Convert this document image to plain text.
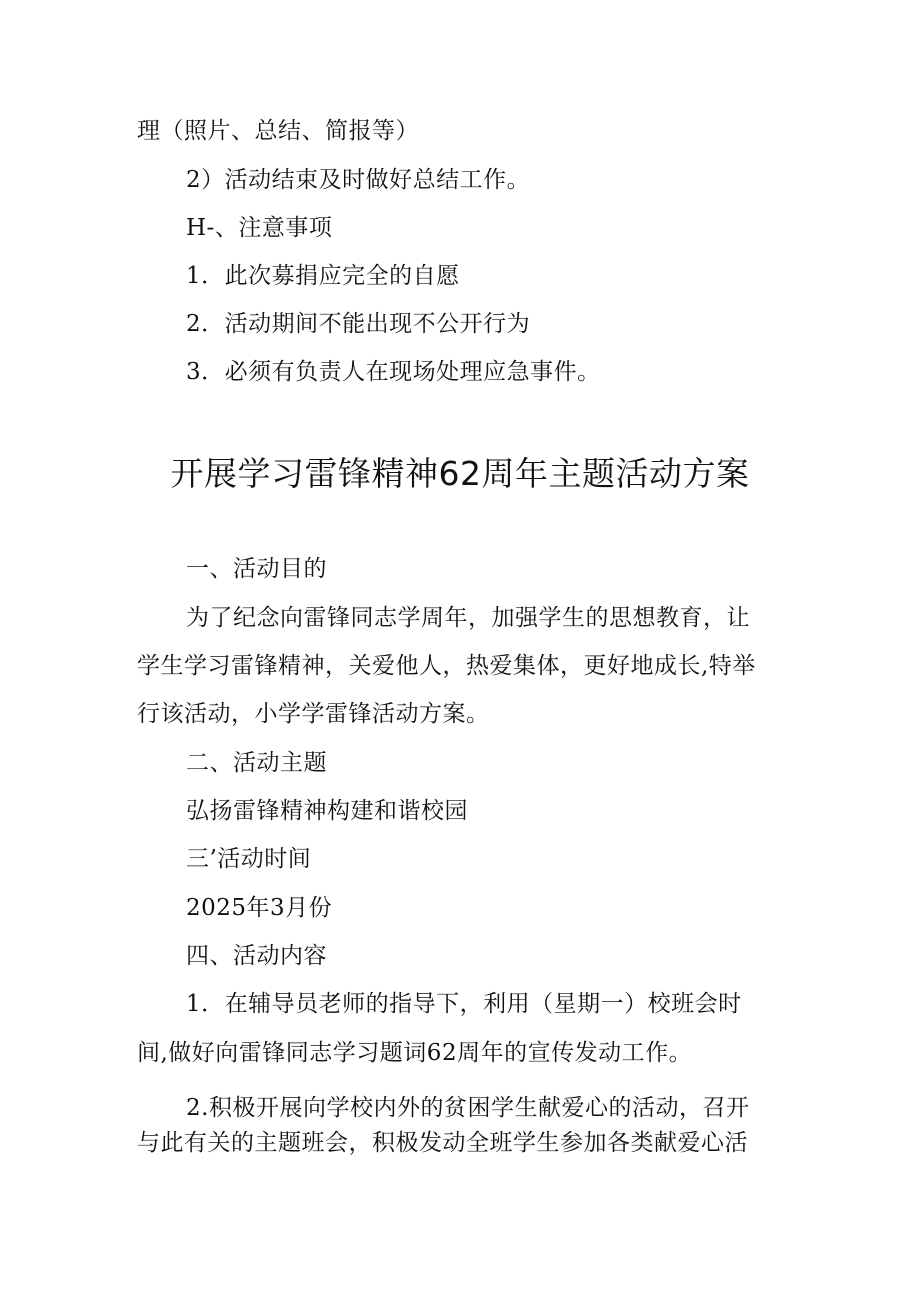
理（照片、总结、简报等）
2）活动结束及时做好总结工作。
H-、注意事项
1．此次募捐应完全的自愿
2．活动期间不能出现不公开行为
3．必须有负责人在现场处理应急事件。
开展学习雷锋精神62周年主题活动方案
一、活动目的
为了纪念向雷锋同志学周年，加强学生的思想教育，让
学生学习雷锋精神，关爱他人，热爱集体，更好地成长,特举
行该活动，小学学雷锋活动方案。
二、活动主题
弘扬雷锋精神构建和谐校园
三’活动时间
2025年3月份
四、活动内容
1．在辅导员老师的指导下，利用（星期一）校班会时
间,做好向雷锋同志学习题词62周年的宣传发动工作。
2.积极开展向学校内外的贫困学生献爱心的活动，召开
与此有关的主题班会，积极发动全班学生参加各类献爱心活
